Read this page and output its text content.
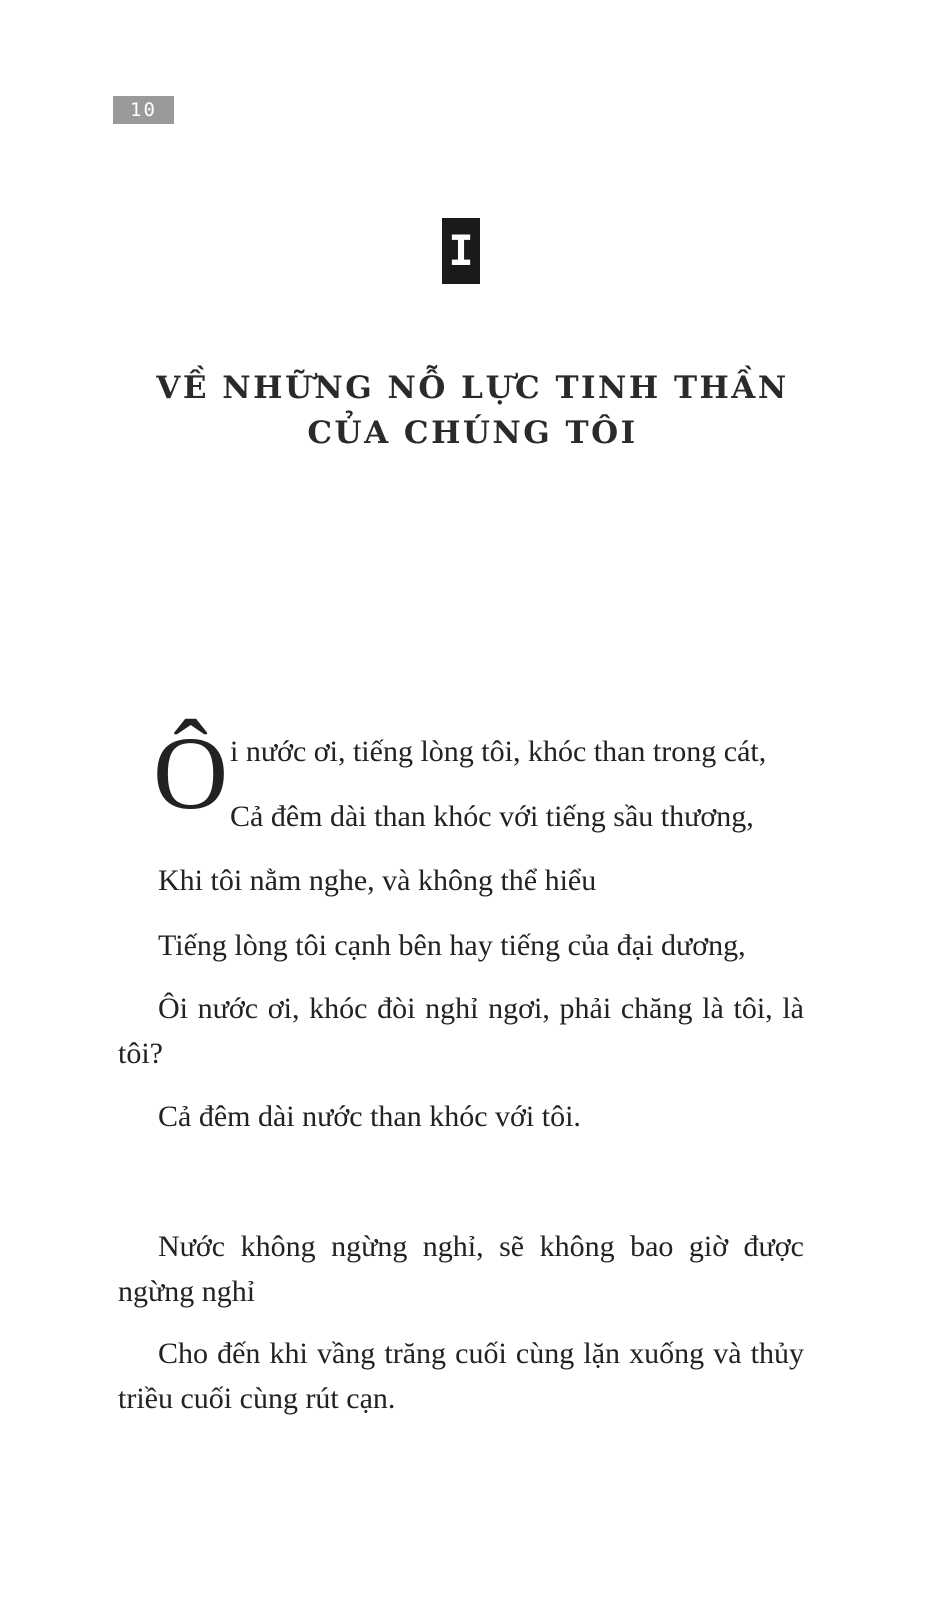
10
I
VỀ NHỮNG NỖ LỰC TINH THẦN
CỦA CHÚNG TÔI
Ô i nước ơi, tiếng lòng tôi, khóc than trong cát,
Cả đêm dài than khóc với tiếng sầu thương,
Khi tôi nằm nghe, và không thể hiểu
Tiếng lòng tôi cạnh bên hay tiếng của đại dương,

Ôi nước ơi, khóc đòi nghỉ ngơi, phải chăng là tôi, là tôi?

Cả đêm dài nước than khóc với tôi.

Nước không ngừng nghỉ, sẽ không bao giờ được ngừng nghỉ

Cho đến khi vầng trăng cuối cùng lặn xuống và thủy triều cuối cùng rút cạn.
